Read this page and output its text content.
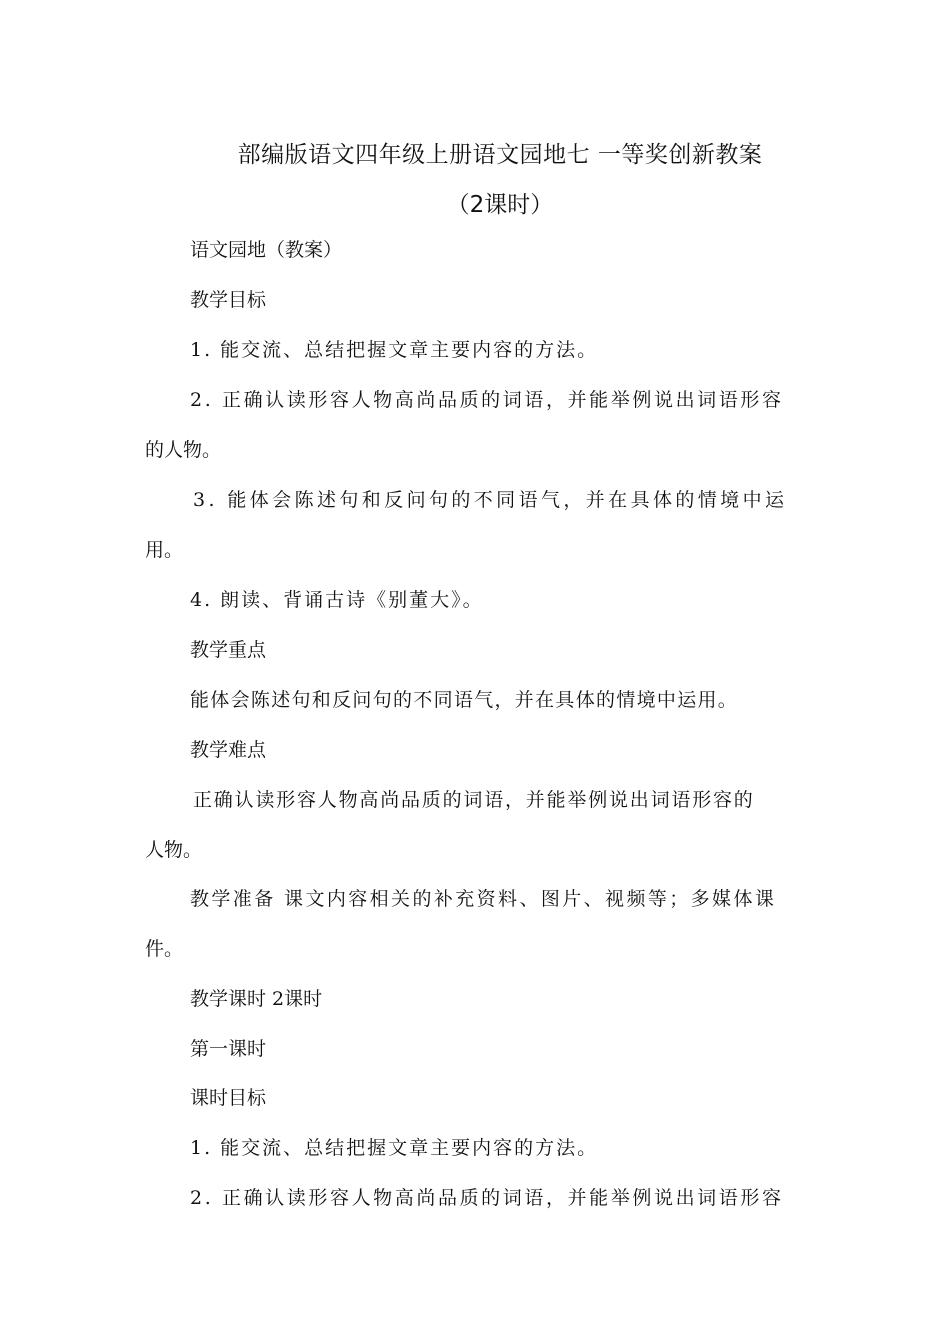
部编版语文四年级上册语文园地七 一等奖创新教案
（2课时）
语文园地（教案）
教学目标
1. 能交流、总结把握文章主要内容的方法。
2. 正确认读形容人物高尚品质的词语，并能举例说出词语形容
的人物。
3. 能体会陈述句和反问句的不同语气，并在具体的情境中运
用。
4. 朗读、背诵古诗《别董大》。
教学重点
能体会陈述句和反问句的不同语气，并在具体的情境中运用。
教学难点
正确认读形容人物高尚品质的词语，并能举例说出词语形容的
人物。
教学准备 课文内容相关的补充资料、图片、视频等；多媒体课
件。
教学课时 2课时
第一课时
课时目标
1. 能交流、总结把握文章主要内容的方法。
2. 正确认读形容人物高尚品质的词语，并能举例说出词语形容
